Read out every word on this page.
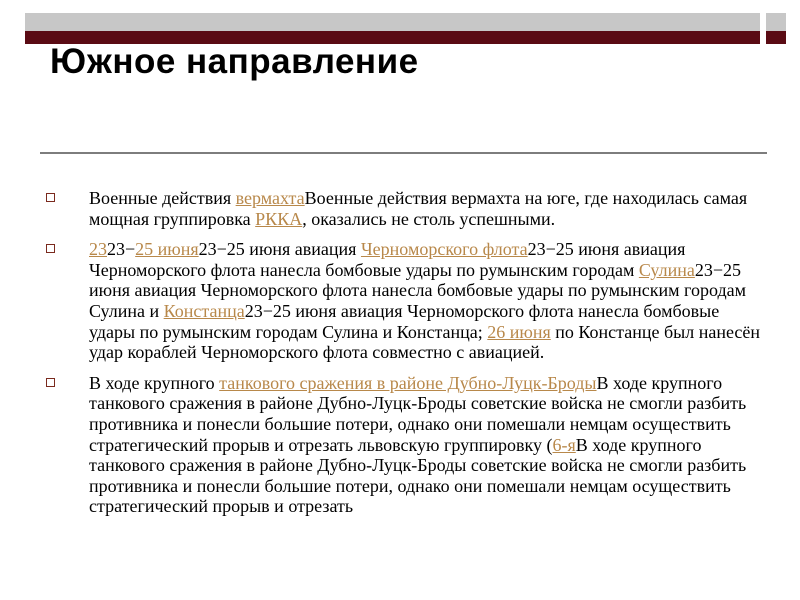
Южное направление
Военные действия вермахтаВоенные действия вермахта на юге, где находилась самая мощная группировка РККА, оказались не столь успешными.
2323−25 июня23−25 июня авиация Черноморского флота23−25 июня авиация Черноморского флота нанесла бомбовые удары по румынским городам Сулина23−25 июня авиация Черноморского флота нанесла бомбовые удары по румынским городам Сулина и Констанца23−25 июня авиация Черноморского флота нанесла бомбовые удары по румынским городам Сулина и Констанца; 26 июня по Констанце был нанесён удар кораблей Черноморского флота совместно с авиацией.
В ходе крупного танкового сражения в районе Дубно-Луцк-БродыВ ходе крупного танкового сражения в районе Дубно-Луцк-Броды советские войска не смогли разбить противника и понесли большие потери, однако они помешали немцам осуществить стратегический прорыв и отрезать львовскую группировку (6-яВ ходе крупного танкового сражения в районе Дубно-Луцк-Броды советские войска не смогли разбить противника и понесли большие потери, однако они помешали немцам осуществить стратегический прорыв и отрезать
